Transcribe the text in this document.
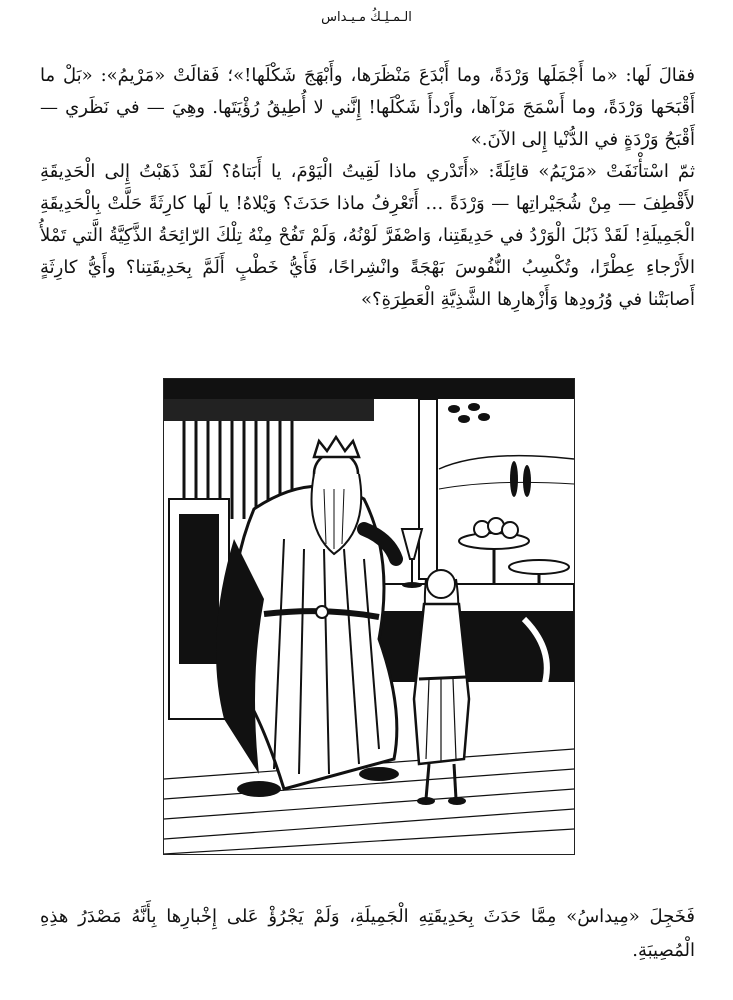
الـمـلِـكُ مـيـداس

فقالَ لَها: «ما أَجْمَلَها وَرْدَةً، وما أَبْدَعَ مَنْظَرَها، وأَبْهَجَ شَكْلَها!»؛ فَقالَتْ «مَرْيمُ»: «بَلْ ما أَقْبَحَها وَرْدَةً، وما أَسْمَجَ مَرْآها، وأَرْدأَ شَكْلَها! إِنَّني لا أُطِيقُ رُؤْيَتَها. وهِيَ — في نَظَري — أَقْبَحُ وَرْدَةٍ في الدُّنْيا إِلى الآنَ.»

ثمّ اسْتأْنَفَتْ «مَرْيَمُ» قائِلَةً: «أَتَدْري ماذا لَقِيتُ الْيَوْمَ، يا أَبَتاهُ؟ لَقَدْ ذَهَبْتُ إِلى الْحَدِيقَةِ لأَقْطِفَ — مِنْ شُجَيْراتِها — وَرْدَةً … أَتَعْرِفُ ماذا حَدَثَ؟ وَيْلاهُ! يا لَها كارِثَةً حَلَّتْ بِالْحَدِيقَةِ الْجَمِيلَةِ! لَقَدْ ذَبُلَ الْوَرْدُ في حَدِيقَتِنا، وَاصْفَرَّ لَوْنُهُ، وَلَمْ تَفُحْ مِنْهُ تِلْكَ الرّائِحَةُ الذَّكِيَّةُ الَّتي تَمْلأُ الأَرْجاءِ عِطْرًا، وتُكْسِبُ النُّفُوسَ بَهْجَةً وانْشِراحًا، فَأَيُّ خَطْبٍ أَلَمَّ بِحَدِيقَتِنا؟ وأَيُّ كارِثَةٍ أَصابَتْنا في وُرُودِها وَأَزْهارِها الشَّذِيَّةِ الْعَطِرَةِ؟»

فَخَجِلَ «مِيداسُ» مِمَّا حَدَثَ بِحَدِيقَتِهِ الْجَمِيلَةِ، وَلَمْ يَجْرُؤْ عَلى إِخْبارِها بِأَنَّهُ مَصْدَرُ هذِهِ الْمُصِيبَةِ.
